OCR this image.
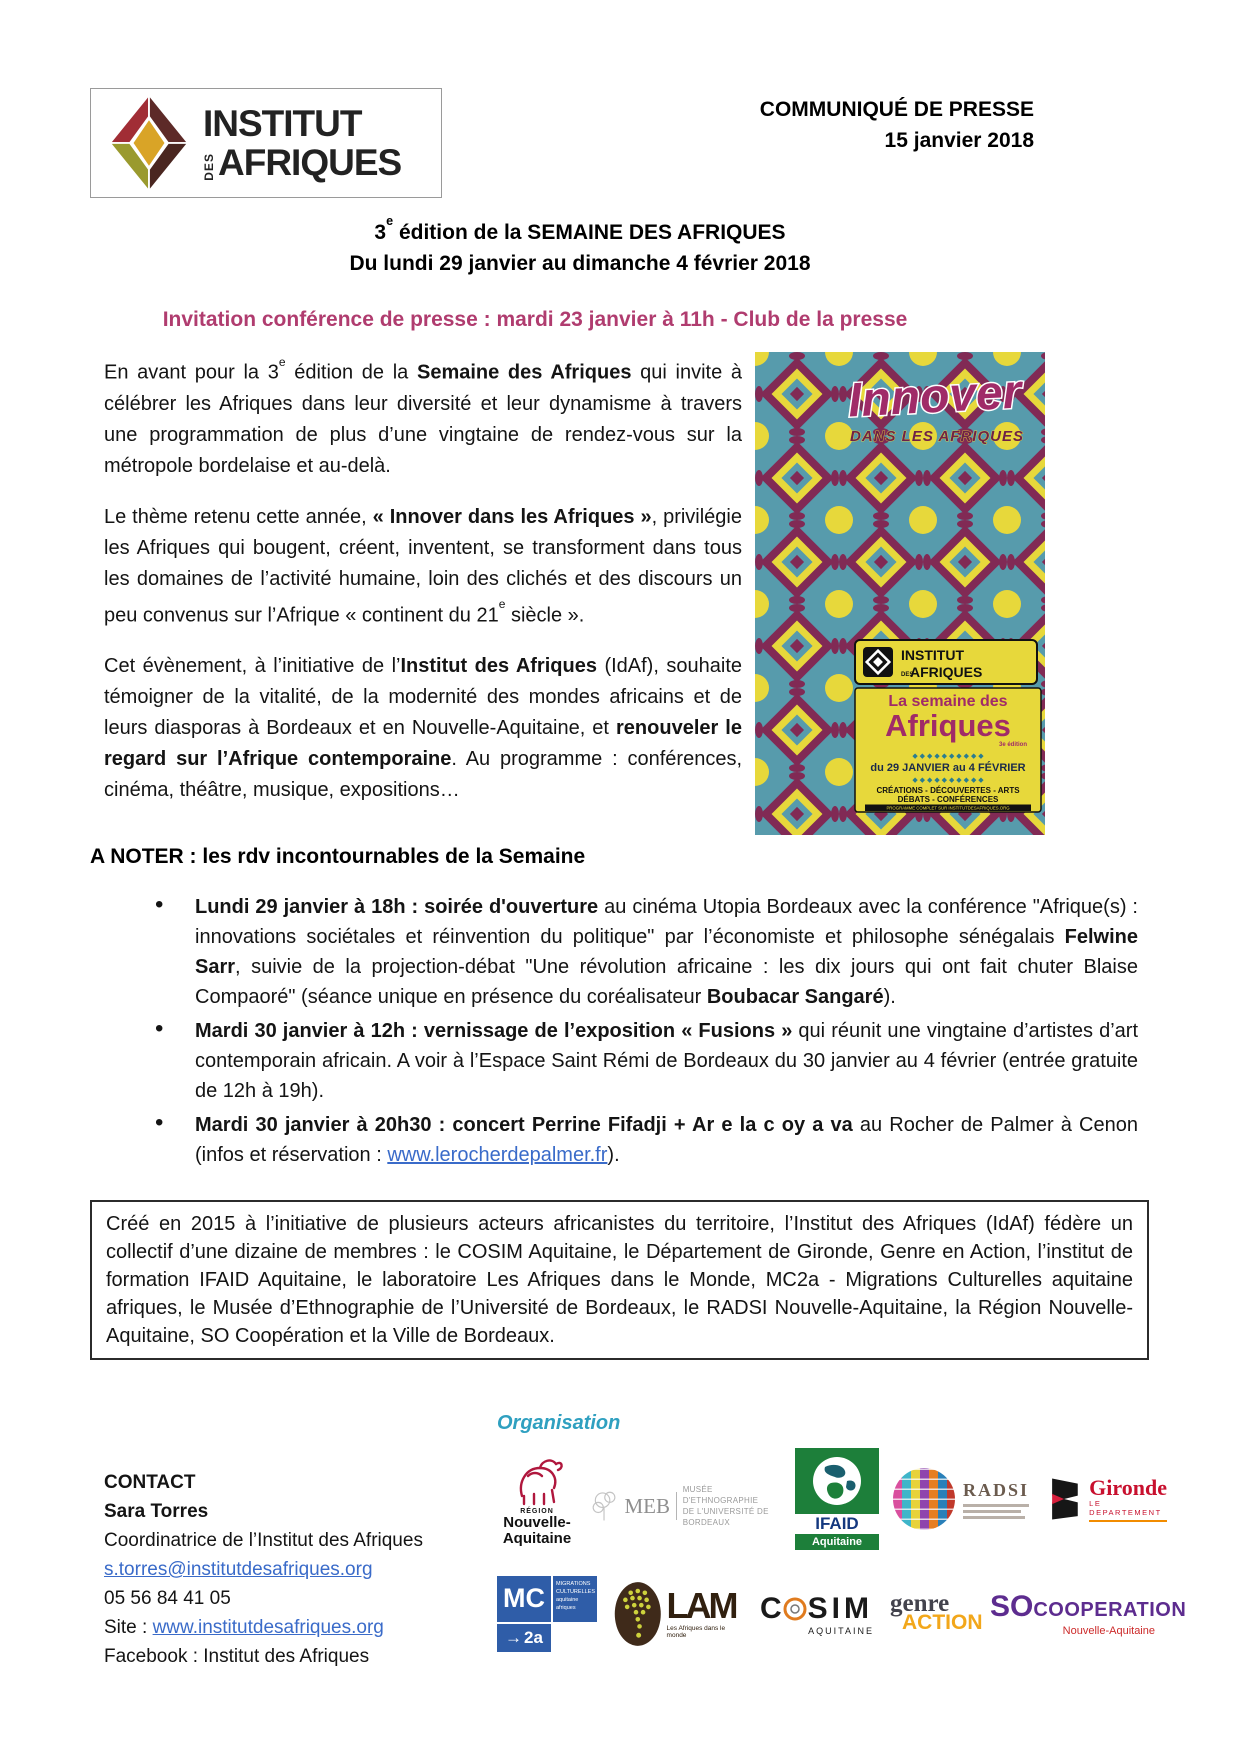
INSTITUT
DES AFRIQUES
COMMUNIQUÉ DE PRESSE
15 janvier 2018
3e édition de la SEMAINE DES AFRIQUES
Du lundi 29 janvier au dimanche 4 février 2018
Invitation conférence de presse : mardi 23 janvier à 11h - Club de la presse

En avant pour la 3e édition de la Semaine des Afriques qui invite à célébrer les Afriques dans leur diversité et leur dynamisme à travers une programmation de plus d’une vingtaine de rendez-vous sur la métropole bordelaise et au-delà.

Le thème retenu cette année, « Innover dans les Afriques », privilégie les Afriques qui bougent, créent, inventent, se transforment dans tous les domaines de l’activité humaine, loin des clichés et des discours un peu convenus sur l’Afrique « continent du 21e siècle ».

Cet évènement, à l’initiative de l’Institut des Afriques (IdAf), souhaite témoigner de la vitalité, de la modernité des mondes africains et de leurs diasporas à Bordeaux et en Nouvelle-Aquitaine, et renouveler le regard sur l’Afrique contemporaine. Au programme : conférences, cinéma, théâtre, musique, expositions…

Innover
DANS LES AFRIQUES
INSTITUT
DES
AFRIQUES
La semaine des
Afriques
3e édition
◆ ◆ ◆ ◆ ◆ ◆ ◆ ◆ ◆ ◆
du 29 JANVIER au 4 FÉVRIER
◆ ◆ ◆ ◆ ◆ ◆ ◆ ◆ ◆ ◆
CRÉATIONS - DÉCOUVERTES - ARTS
DÉBATS - CONFÉRENCES
PROGRAMME COMPLET SUR INSTITUTDESAFRIQUES.ORG
A NOTER : les rdv incontournables de la Semaine
• Lundi 29 janvier à 18h : soirée d'ouverture au cinéma Utopia Bordeaux avec la conférence "Afrique(s) : innovations sociétales et réinvention du politique" par l’économiste et philosophe sénégalais Felwine Sarr, suivie de la projection-débat "Une révolution africaine : les dix jours qui ont fait chuter Blaise Compaoré" (séance unique en présence du coréalisateur Boubacar Sangaré).
• Mardi 30 janvier à 12h : vernissage de l’exposition « Fusions » qui réunit une vingtaine d’artistes d’art contemporain africain. A voir à l’Espace Saint Rémi de Bordeaux du 30 janvier au 4 février (entrée gratuite de 12h à 19h).
• Mardi 30 janvier à 20h30 : concert Perrine Fifadji + Ar e la c oy a va au Rocher de Palmer à Cenon (infos et réservation : www.lerocherdepalmer.fr).
Créé en 2015 à l’initiative de plusieurs acteurs africanistes du territoire, l’Institut des Afriques (IdAf) fédère un collectif d’une dizaine de membres : le COSIM Aquitaine, le Département de Gironde, Genre en Action, l’institut de formation IFAID Aquitaine, le laboratoire Les Afriques dans le Monde, MC2a - Migrations Culturelles aquitaine afriques, le Musée d’Ethnographie de l’Université de Bordeaux, le RADSI Nouvelle-Aquitaine, la Région Nouvelle-Aquitaine, SO Coopération et la Ville de Bordeaux.
CONTACT
Sara Torres
Coordinatrice de l’Institut des Afriques
s.torres@institutdesafriques.org
05 56 84 41 05
Site : www.institutdesafriques.org
Facebook : Institut des Afriques
Organisation
RÉGION
Nouvelle-
Aquitaine
MEB
MUSÉE D'ETHNOGRAPHIE
DE L'UNIVERSITÉ DE BORDEAUX	IFAID
Aquitaine
RADSI	Gironde
LE DEPARTEMENT
MC	MIGRATIONS
CULTURELLES
aquitaine
afriques
→ 2a
LAM
Les Afriques dans le monde
C SIM
AQUITAINE
genre
ACTION SO COOPERATION
Nouvelle-Aquitaine
